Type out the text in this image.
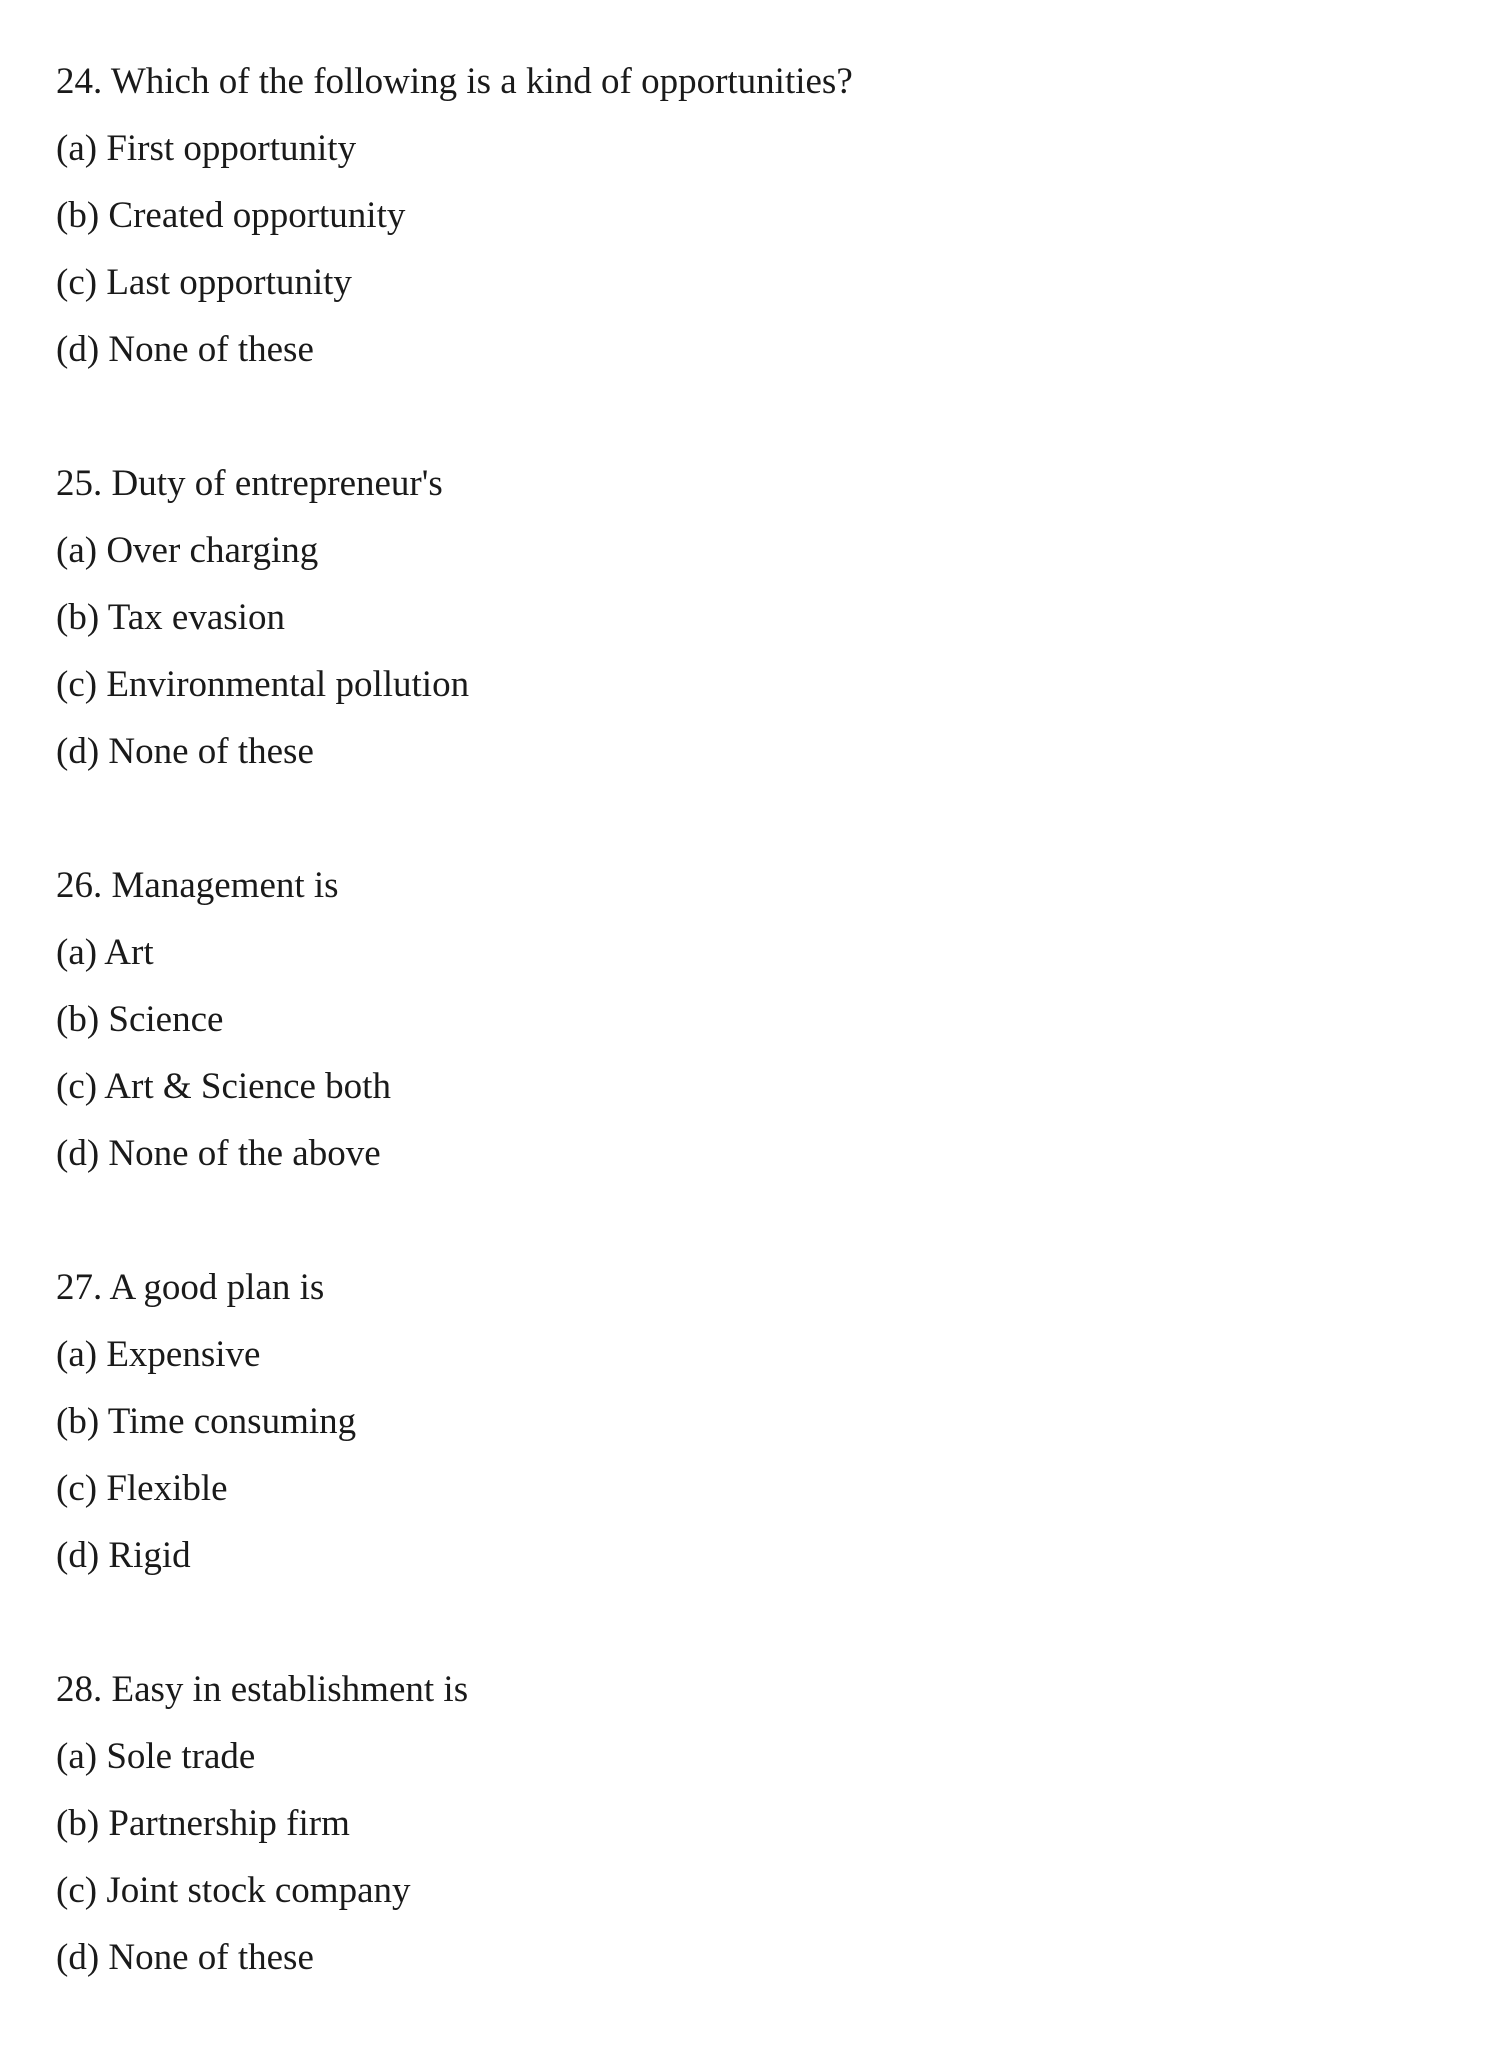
24. Which of the following is a kind of opportunities?

(a) First opportunity

(b) Created opportunity

(c) Last opportunity

(d) None of these

25. Duty of entrepreneur's

(a) Over charging

(b) Tax evasion

(c) Environmental pollution

(d) None of these

26. Management is

(a) Art

(b) Science

(c) Art & Science both

(d) None of the above

27. A good plan is

(a) Expensive

(b) Time consuming

(c) Flexible

(d) Rigid

28. Easy in establishment is

(a) Sole trade

(b) Partnership firm

(c) Joint stock company

(d) None of these
